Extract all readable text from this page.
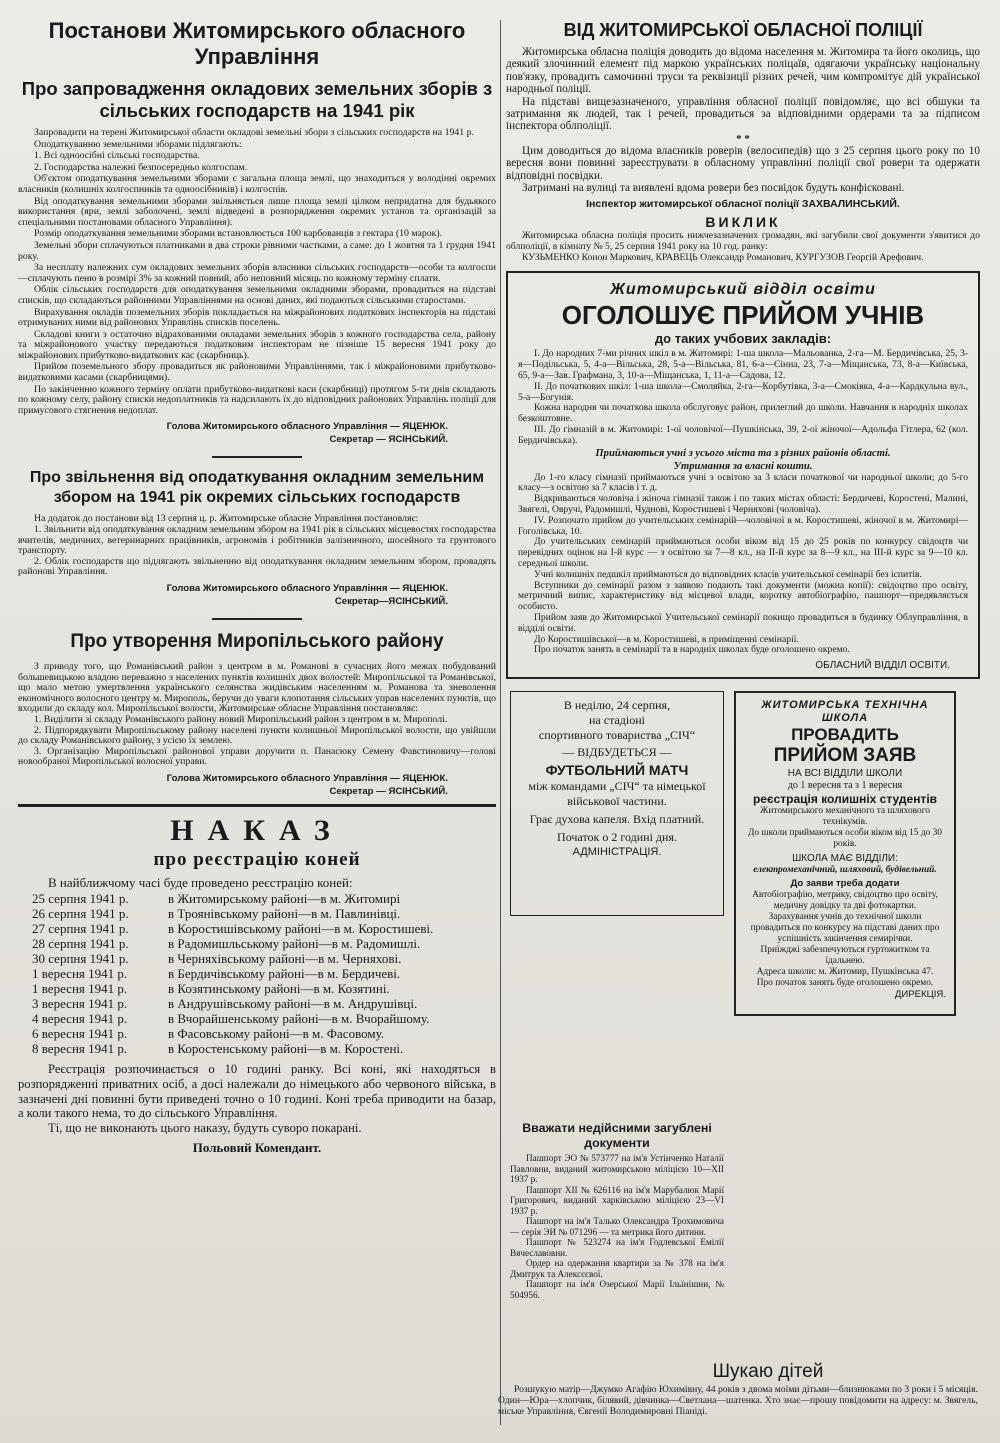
Постанови Житомирського обласного Управління

Про запровадження окладових земельних зборів з сільських господарств на 1941 рік

Запровадити на терені Житомирської области окладові земельні збори з сільських господарств на 1941 р.

Оподаткуванню земельними зборами підлягають:

1. Всі одноосібні сільські господарства.

2. Господарства належні безпосередньо колгоспам.

Об'єктом оподаткування земельними зборами є загальна площа землі, що знаходиться у володінні окремих власників (колишніх колгоспників та одноосібників) і колгоспів.

Від оподаткування земельними зборами звільняється лише площа землі цілком непридатна для будьякого використання (яри, землі заболочені, землі відведені в розпорядження окремих установ та організацій за спеціальними постановами обласного Управління).

Розмір оподаткування земельними зборами встановлюється 100 карбованців з гектара (10 марок).

Земельні збори сплачуються платниками в два строки рівними частками, а саме: до 1 жовтня та 1 грудня 1941 року.

За несплату належних сум окладових земельних зборів власники сільських господарств—особи та колгоспи—сплачують пеню в розмірі 3% за кожний повний, або неповний місяць по кожному терміну сплати.

Облік сільських господарств для оподаткування земельними окладними зборами, провадиться на підставі списків, що складаються районними Управліннями на основі даних, які подаються сільськими старостами.

Вирахування окладів поземельних зборів покладається на міжрайонових податкових інспекторів на підставі отримуваних ними від районових Управлінь списків поселень.

Складові книги з остаточно відрахованими окладами земельних зборів з кожного господарства села, району та міжрайонового участку передаються податковим інспекторам не пізніше 15 вересня 1941 року до міжрайонових прибутково-видаткових кас (скарбниць).

Прийом поземельного збору провадиться як районовими Управліннями, так і міжрайоновими прибутково-видатковими касами (скарбницями).

По закінченню кожного терміну оплати прибутково-видаткові каси (скарбниці) протягом 5-ти днів складають по кожному селу, району списки недоплатників та надсилають їх до відповідних районових Управлінь поліції для примусового стягнення недоплат.

Голова Житомирського обласного Управління — ЯЦЕНЮК.

Секретар — ЯСІНСЬКИЙ.

Про звільнення від оподаткування окладним земельним збором на 1941 рік окремих сільських господарств

На додаток до постанови від 13 серпня ц. р. Житомирське обласне Управління постановляє:

1. Звільнити від оподаткування окладним земельним збором на 1941 рік в сільських місцевостях господарства вчителів, медичних, ветеринарних працівників, агрономів і робітників залізничного, шосейного та грунтового транспорту.

2. Облік господарств що підлягають звільненню від оподаткування окладним земельним збором, провадять районові Управління.

Голова Житомирського обласного Управління — ЯЦЕНЮК.

Секретар—ЯСІНСЬКИЙ.

Про утворення Миропільського району

З приводу того, що Романівський район з центром в м. Романові в сучасних його межах побудований большевицькою владою переважно з населених пунктів колишніх двох волостей: Миропільської та Романівської, що мало метою умертвлення українського селянства жидівським населенням м. Романова та зневолення економічного волосного центру м. Мирополь, беручи до уваги клопотання сільських управ населених пунктів, що входили до складу кол. Миропільської волости, Житомирське обласне Управління постановляє:

1. Виділити зі складу Романівського району новий Миропільський район з центром в м. Мирополі.

2. Підпорядкувати Миропільському району населені пункти колишньої Миропільської волости, що увійшли до складу Романівського району, з усією їх землею.

3. Організацію Миропільської районової управи доручити п. Панасюку Семену Фавстиновичу—голові новообраної Миропільської волосної управи.

Голова Житомирського обласного Управління — ЯЦЕНЮК.

Секретар — ЯСІНСЬКИЙ.

НАКАЗ

про реєстрацію коней

В найближчому часі буде проведено реєстрацію коней:

25 серпня 1941 р.	в Житомирському районі—в м. Житомирі
26 серпня 1941 р.	в Троянівському районі—в м. Павлинівці.
27 серпня 1941 р.	в Коростишівському районі—в м. Коростишеві.
28 серпня 1941 р.	в Радомишльському районі—в м. Радомишлі.
30 серпня 1941 р.	в Черняхівському районі—в м. Черняхові.
1 вересня 1941 р.	в Бердичівському районі—в м. Бердичеві.
1 вересня 1941 р.	в Козятинському районі—в м. Козятині.
3 вересня 1941 р.	в Андрушівському районі—в м. Андрушівці.
4 вересня 1941 р.	в Вчорайшенському районі—в м. Вчорайшому.
6 вересня 1941 р.	в Фасовському районі—в м. Фасовому.
8 вересня 1941 р.	в Коростенському районі—в м. Коростені.

Реєстрація розпочинається о 10 годині ранку. Всі коні, які находяться в розпорядженні приватних осіб, а досі належали до німецького або червоного війська, в зазначені дні повинні бути приведені точно о 10 годині. Коні треба приводити на базар, а коли такого нема, то до сільського Управління.

Ті, що не виконають цього наказу, будуть суворо покарані.

Польовий Комендант.

ВІД ЖИТОМИРСЬКОЇ ОБЛАСНОЇ ПОЛІЦІЇ

Житомирська обласна поліція доводить до відома населення м. Житомира та його околиць, що деякий злочинний елемент під маркою українських поліцаїв, одягаючи українську національну пов'язку, провадить самочинні труси та реквізиції різних речей, чим компромітує дій української народньої поліції.

На підставі вищезазначеного, управління обласної поліції повідомляє, що всі обшуки та затримання як людей, так і речей, провадиться за відповідними ордерами та за підписом інспектора облполіції.

* *

Цим доводиться до відома власників роверів (велосипедів) що з 25 серпня цього року по 10 вересня вони повинні зареєструвати в обласному управлінні поліції свої ровери та одержати відповідні посвідки.

Затримані на вулиці та виявлені вдома ровери без посвідок будуть конфісковані.

Інспектор житомирської обласної поліції ЗАХВАЛИНСЬКИЙ.

ВИКЛИК

Житомирська обласна поліція просить нижчезазначених громадян, які загубили свої документи з'явитися до облполіції, в кімнату № 5, 25 серпня 1941 року на 10 год. ранку:

КУЗЬМЕНКО Конон Маркович, КРАВЕЦЬ Олександр Романович, КУРГУЗОВ Георгій Арефович.

Житомирський відділ освіти

ОГОЛОШУЄ ПРИЙОМ УЧНІВ

до таких учбових закладів:

І. До народних 7-ми річних шкіл в м. Житомирі: 1-ша школа—Мальованка, 2-га—М. Бердичівська, 25, 3-я—Подільська, 5, 4-а—Вільська, 28, 5-а—Вільська, 81, 6-а—Сінна, 23, 7-а—Міщанська, 73, 8-а—Київська, 65, 9-а—Зав. Графмана, 3, 10-а—Міщанська, 1, 11-а—Садова, 12.

ІІ. До початкових шкіл: 1-ша школа—Смоляйка, 2-га—Корбутівка, 3-а—Смоківка, 4-а—Кардкульна вул., 5-а—Богунія.

Кожна народня чи початкова школа обслуговує район, прилеглий до школи. Навчання в народніх школах безкоштовне.

ІІІ. До гімназій в м. Житомирі: 1-ої чоловічої—Пушкінська, 39, 2-ої жіночої—Адольфа Гітлера, 62 (кол. Бердичівська).

Приймаються учні з усього міста та з різних районів області.

Утримання за власні кошти.

До 1-го класу гімназії приймаються учні з освітою за 3 класи початкової чи народньої школи; до 5-го класу—з освітою за 7 класів і т. д.

Відкриваються чоловіча і жіноча гімназії також і по таких містах області: Бердичеві, Коростені, Малині, Звягелі, Овручі, Радомишлі, Чуднові, Коростишеві і Черняхові (чоловіча).

IV. Розпочато прийом до учительських семінарій—чоловічої в м. Коростишеві, жіночої в м. Житомирі—Гоголівська, 10.

До учительських семінарій приймаються особи віком від 15 до 25 років по конкурсу свідоцтв чи перевідних оцінок на І-й курс — з освітою за 7—8 кл., на ІІ-й курс за 8—9 кл., на ІІІ-й курс за 9—10 кл. середньої школи.

Учні колишніх педшкіл приймаються до відповідних класів учительської семінарії без іспитів.

Вступники до семінарії разом з заявою подають такі документи (можна копії): свідоцтво про освіту, метричний випис, характеристику від місцевої влади, коротку автобіографію, пашпорт—предявляється особисто.

Прийом заяв до Житомирської Учительської семінарії покищо провадиться в будинку Облуправління, в відділі освіти.

До Коростишівської—в м. Коростишеві, в приміщенні семінарії.

Про початок занять в семінарії та в народніх школах буде оголошено окремо.

ОБЛАСНИЙ ВІДДІЛ ОСВІТИ.

В неділю, 24 серпня,

на стадіоні

спортивного товариства „СІЧ“

— ВІДБУДЕТЬСЯ —

ФУТБОЛЬНИЙ МАТЧ

між командами „СІЧ“ та німецької військової частини.

Грає духова капеля. Вхід платний.

Початок о 2 годині дня.

АДМІНІСТРАЦІЯ.

ЖИТОМИРСЬКА ТЕХНІЧНА ШКОЛА

ПРОВАДИТЬ

ПРИЙОМ ЗАЯВ

НА ВСІ ВІДДІЛИ ШКОЛИ

до 1 вересня та з 1 вересня

реєстрація колишніх студентів

Житомирського механічного та шляхового технікумів.

До школи приймаються особи віком від 15 до 30 років.

ШКОЛА МАЄ ВІДДІЛИ:

електромеханічний, шляховий, будівельний.

До заяви треба додати

Автобіографію, метрику, свідоцтво про освіту, медичну довідку та дві фотокартки.

Зарахування учнів до технічної школи провадиться по конкурсу на підставі даних про успішність закінчення семирічки.

Приїжджі забезпечуються гуртожитком та їдальнею.

Адреса школи: м. Житомир, Пушкінська 47.

Про початок занять буде оголошено окремо.

ДИРЕКЦІЯ.

Вважати недійсними загублені документи

Пашпорт ЭО № 573777 на ім'я Устінченко Наталії Павловни, виданий житомирською міліцією 10—XII 1937 р.

Пашпорт XII № 626116 на ім'я Марубалюк Марії Григорович, виданий харківською міліцією 23—VI 1937 р.

Пашпорт на ім'я Талько Олександра Трохимовича — серія ЭИ № 071296 — та метрика його дитини.

Пашпорт № 523274 на ім'я Годлевської Емілії Вячеславовни.

Ордер на одержання квартири за № 378 на ім'я Дмитрук та Алексєєвої.

Пашпорт на ім'я Озерської Марії Ільїнішни, № 504956.

Шукаю дітей

Розшукую матір—Джумко Агафію Юхимівну, 44 років з двома моїми дітьми—близнюками по 3 роки і 5 місяців. Один—Юра—хлопчик, білявий, дівчинка—Светлана—шатенка. Хто знає—прошу повідомити на адресу: м. Звягель, міське Управління, Євгенії Володимировні Піаніді.
